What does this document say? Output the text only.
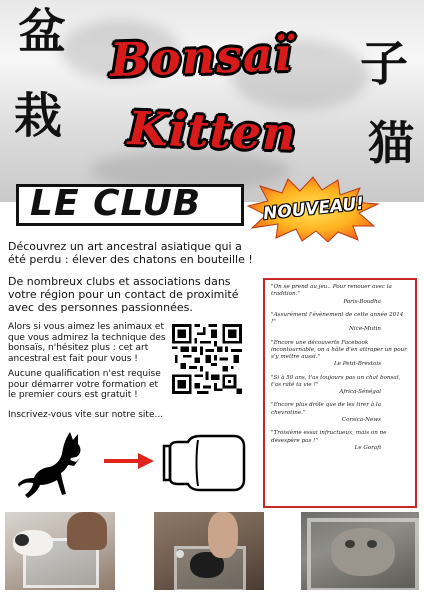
盆
栽
子
猫
Bonsaï
Kitten
LE CLUB	NOUVEAU!
Découvrez un art ancestral asiatique qui a été perdu : élever des chatons en bouteille !
De nombreux clubs et associations dans votre région pour un contact de proximité avec des personnes passionnées.
Alors si vous aimez les animaux et que vous admirez la technique des bonsaïs, n'hésitez plus : cet art ancestral est fait pour vous !
Aucune qualification n'est requise pour démarrer votre formation et le premier cours est gratuit !
Inscrivez-vous vite sur notre site...
"On se prend au jeu.. Pour renouer avec la tradition."
Paris-Boudha
"Assurément l'évènement de cette année 2014 !"
Nice-Mutin
"Encore une découverte Facebook incontournable, on a hâte d'en attraper un pour s'y mettre aussi."
Le Petit-Brestois
"Si à 50 ans, t'as toujours pas un chat bonsaï, t'as raté ta vie !"
Africa-Sénégal
"Encore plus drôle que de les tirer à la chevrotine."
Corsica-News
"Troisième essai infructueux, mais on ne désespère pas !"
Le Gorafi
